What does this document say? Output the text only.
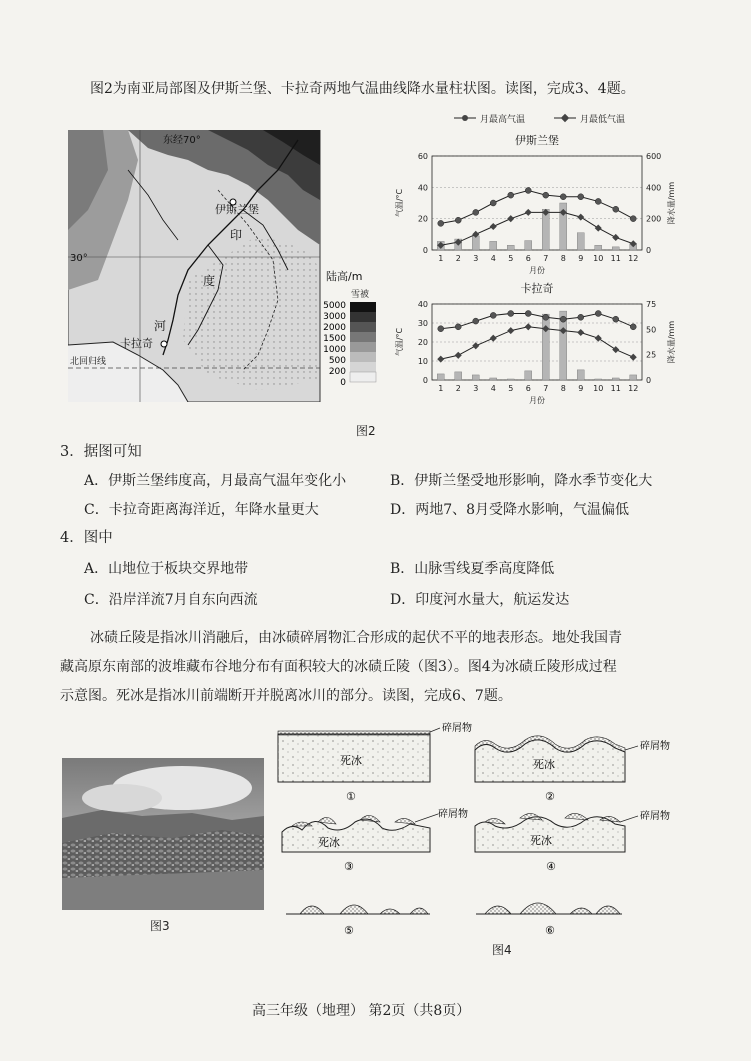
图2为南亚局部图及伊斯兰堡、卡拉奇两地气温曲线降水量柱状图。读图，完成3、4题。
东经70°
30°
北回归线
伊斯兰堡
卡拉奇
印
度
河
陆高/m
雪被
5000
3000
2000
1500
1000
500
200
0
月最高气温	月最低气温
伊斯兰堡
0
20
40
60
0
200
400
600
1 2 3 4 5 6 7 8 9 10 11 12
月份
气温/°C	降水量/mm
卡拉奇
0
10
20
30
40
0
25
50
75
1 2 3 4 5 6 7 8 9 10 11 12
月份
气温/°C	降水量/mm
图2
3．据图可知
A．伊斯兰堡纬度高，月最高气温年变化小	B．伊斯兰堡受地形影响，降水季节变化大
C．卡拉奇距离海洋近，年降水量更大	D．两地7、8月受降水影响，气温偏低
4．图中
A．山地位于板块交界地带	B．山脉雪线夏季高度降低
C．沿岸洋流7月自东向西流	D．印度河水量大，航运发达
冰碛丘陵是指冰川消融后，由冰碛碎屑物汇合形成的起伏不平的地表形态。地处我国青
藏高原东南部的波堆藏布谷地分布有面积较大的冰碛丘陵（图3）。图4为冰碛丘陵形成过程
示意图。死冰是指冰川前端断开并脱离冰川的部分。读图，完成6、7题。
图3
死冰
碎屑物
①
死冰
碎屑物
②
死冰
碎屑物
③
死冰
碎屑物
④
⑤	⑥
图4
高三年级（地理） 第2页（共8页）
